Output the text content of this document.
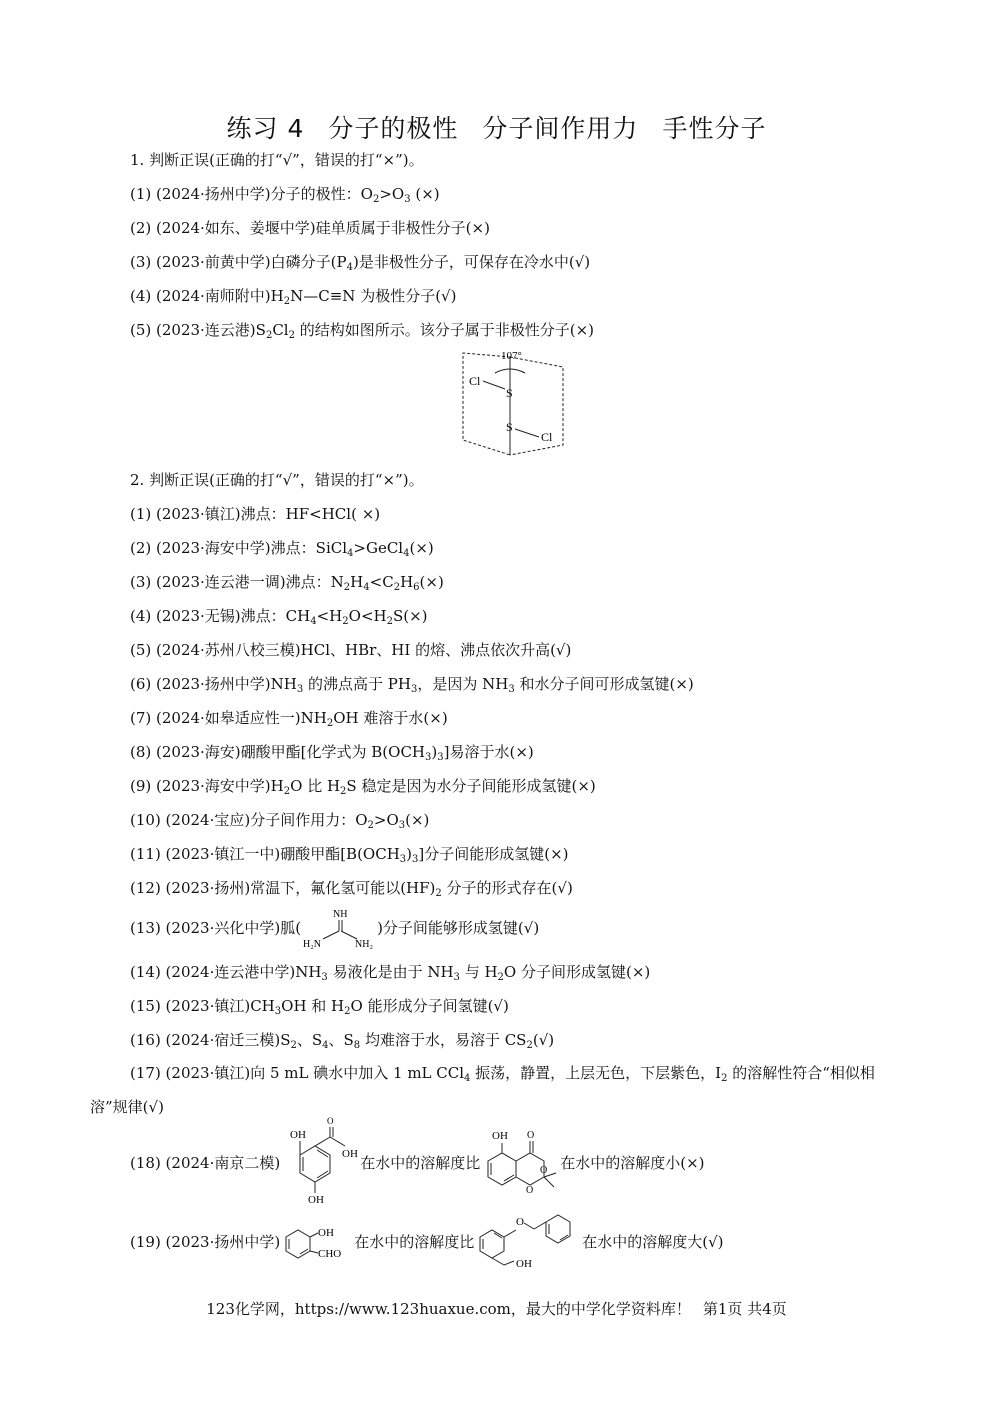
练习 4 分子的极性 分子间作用力 手性分子
1. 判断正误(正确的打“√”，错误的打“×”)。
(1) (2024·扬州中学)分子的极性：$O_2>O_3$ (×)
(2) (2024·如东、姜堰中学)硅单质属于非极性分子(×)
(3) (2023·前黄中学)白磷分子$(P_4)$是非极性分子，可保存在冷水中(√)
(4) (2024·南师附中)$H_2N—C\equiv N$ 为极性分子(√)
(5) (2023·连云港)$S_2Cl_2$ 的结构如图所示。该分子属于非极性分子(×)
107°
Cl
S
S
Cl
2. 判断正误(正确的打“√”，错误的打“×”)。
(1) (2023·镇江)沸点：HF<HCl( ×)
(2) (2023·海安中学)沸点：SiCl$_4$>GeCl$_4$(×)
(3) (2023·连云港一调)沸点：$N_2H_4<C_2H_6(\times)$
(4) (2023·无锡)沸点：$CH_4<H_2O<H_2S(\times)$
(5) (2024·苏州八校三模)HCl、HBr、HI 的熔、沸点依次升高(√)
(6) (2023·扬州中学)$NH_3$ 的沸点高于 $PH_3$，是因为 $NH_3$ 和水分子间可形成氢键(×)
(7) (2024·如皋适应性一)$NH_2OH$ 难溶于水(×)
(8) (2023·海安)硼酸甲酯[化学式为 $B(OCH_3)_3$]易溶于水(×)
(9) (2023·海安中学)$H_2O$ 比 $H_2S$ 稳定是因为水分子间能形成氢键(×)
(10) (2024·宝应)分子间作用力：$O_2>O_3(\times)$
(11) (2023·镇江一中)硼酸甲酯$[B(OCH_3)_3]$分子间能形成氢键(×)
(12) (2023·扬州)常温下，氟化氢可能以$(HF)_2$ 分子的形式存在(√)
(13) (2023·兴化中学)胍(
NH
H₂N	NH₂
)分子间能够形成氢键(√)
(14) (2024·连云港中学)$NH_3$ 易液化是由于 $NH_3$ 与 $H_2O$ 分子间形成氢键(×)
(15) (2023·镇江)$CH_3OH$ 和 $H_2O$ 能形成分子间氢键(√)
(16) (2024·宿迁三模)$S_2$、$S_4$、$S_8$ 均难溶于水，易溶于 $CS_2(√)$
(17) (2023·镇江)向 5 mL 碘水中加入 1 mL CCl$_4$ 振荡，静置，上层无色，下层紫色，$I_2$ 的溶解性符合“相似相溶”规律(√)
(18) (2024·南京二模)
OH
O
OH
OH
在水中的溶解度比
OH O
O
O
在水中的溶解度小(×)
(19) (2023·扬州中学)	OH
CHO
在水中的溶解度比
O
OH
在水中的溶解度大(√)
123化学网，https://www.123huaxue.com，最大的中学化学资料库！ 第1页 共4页
